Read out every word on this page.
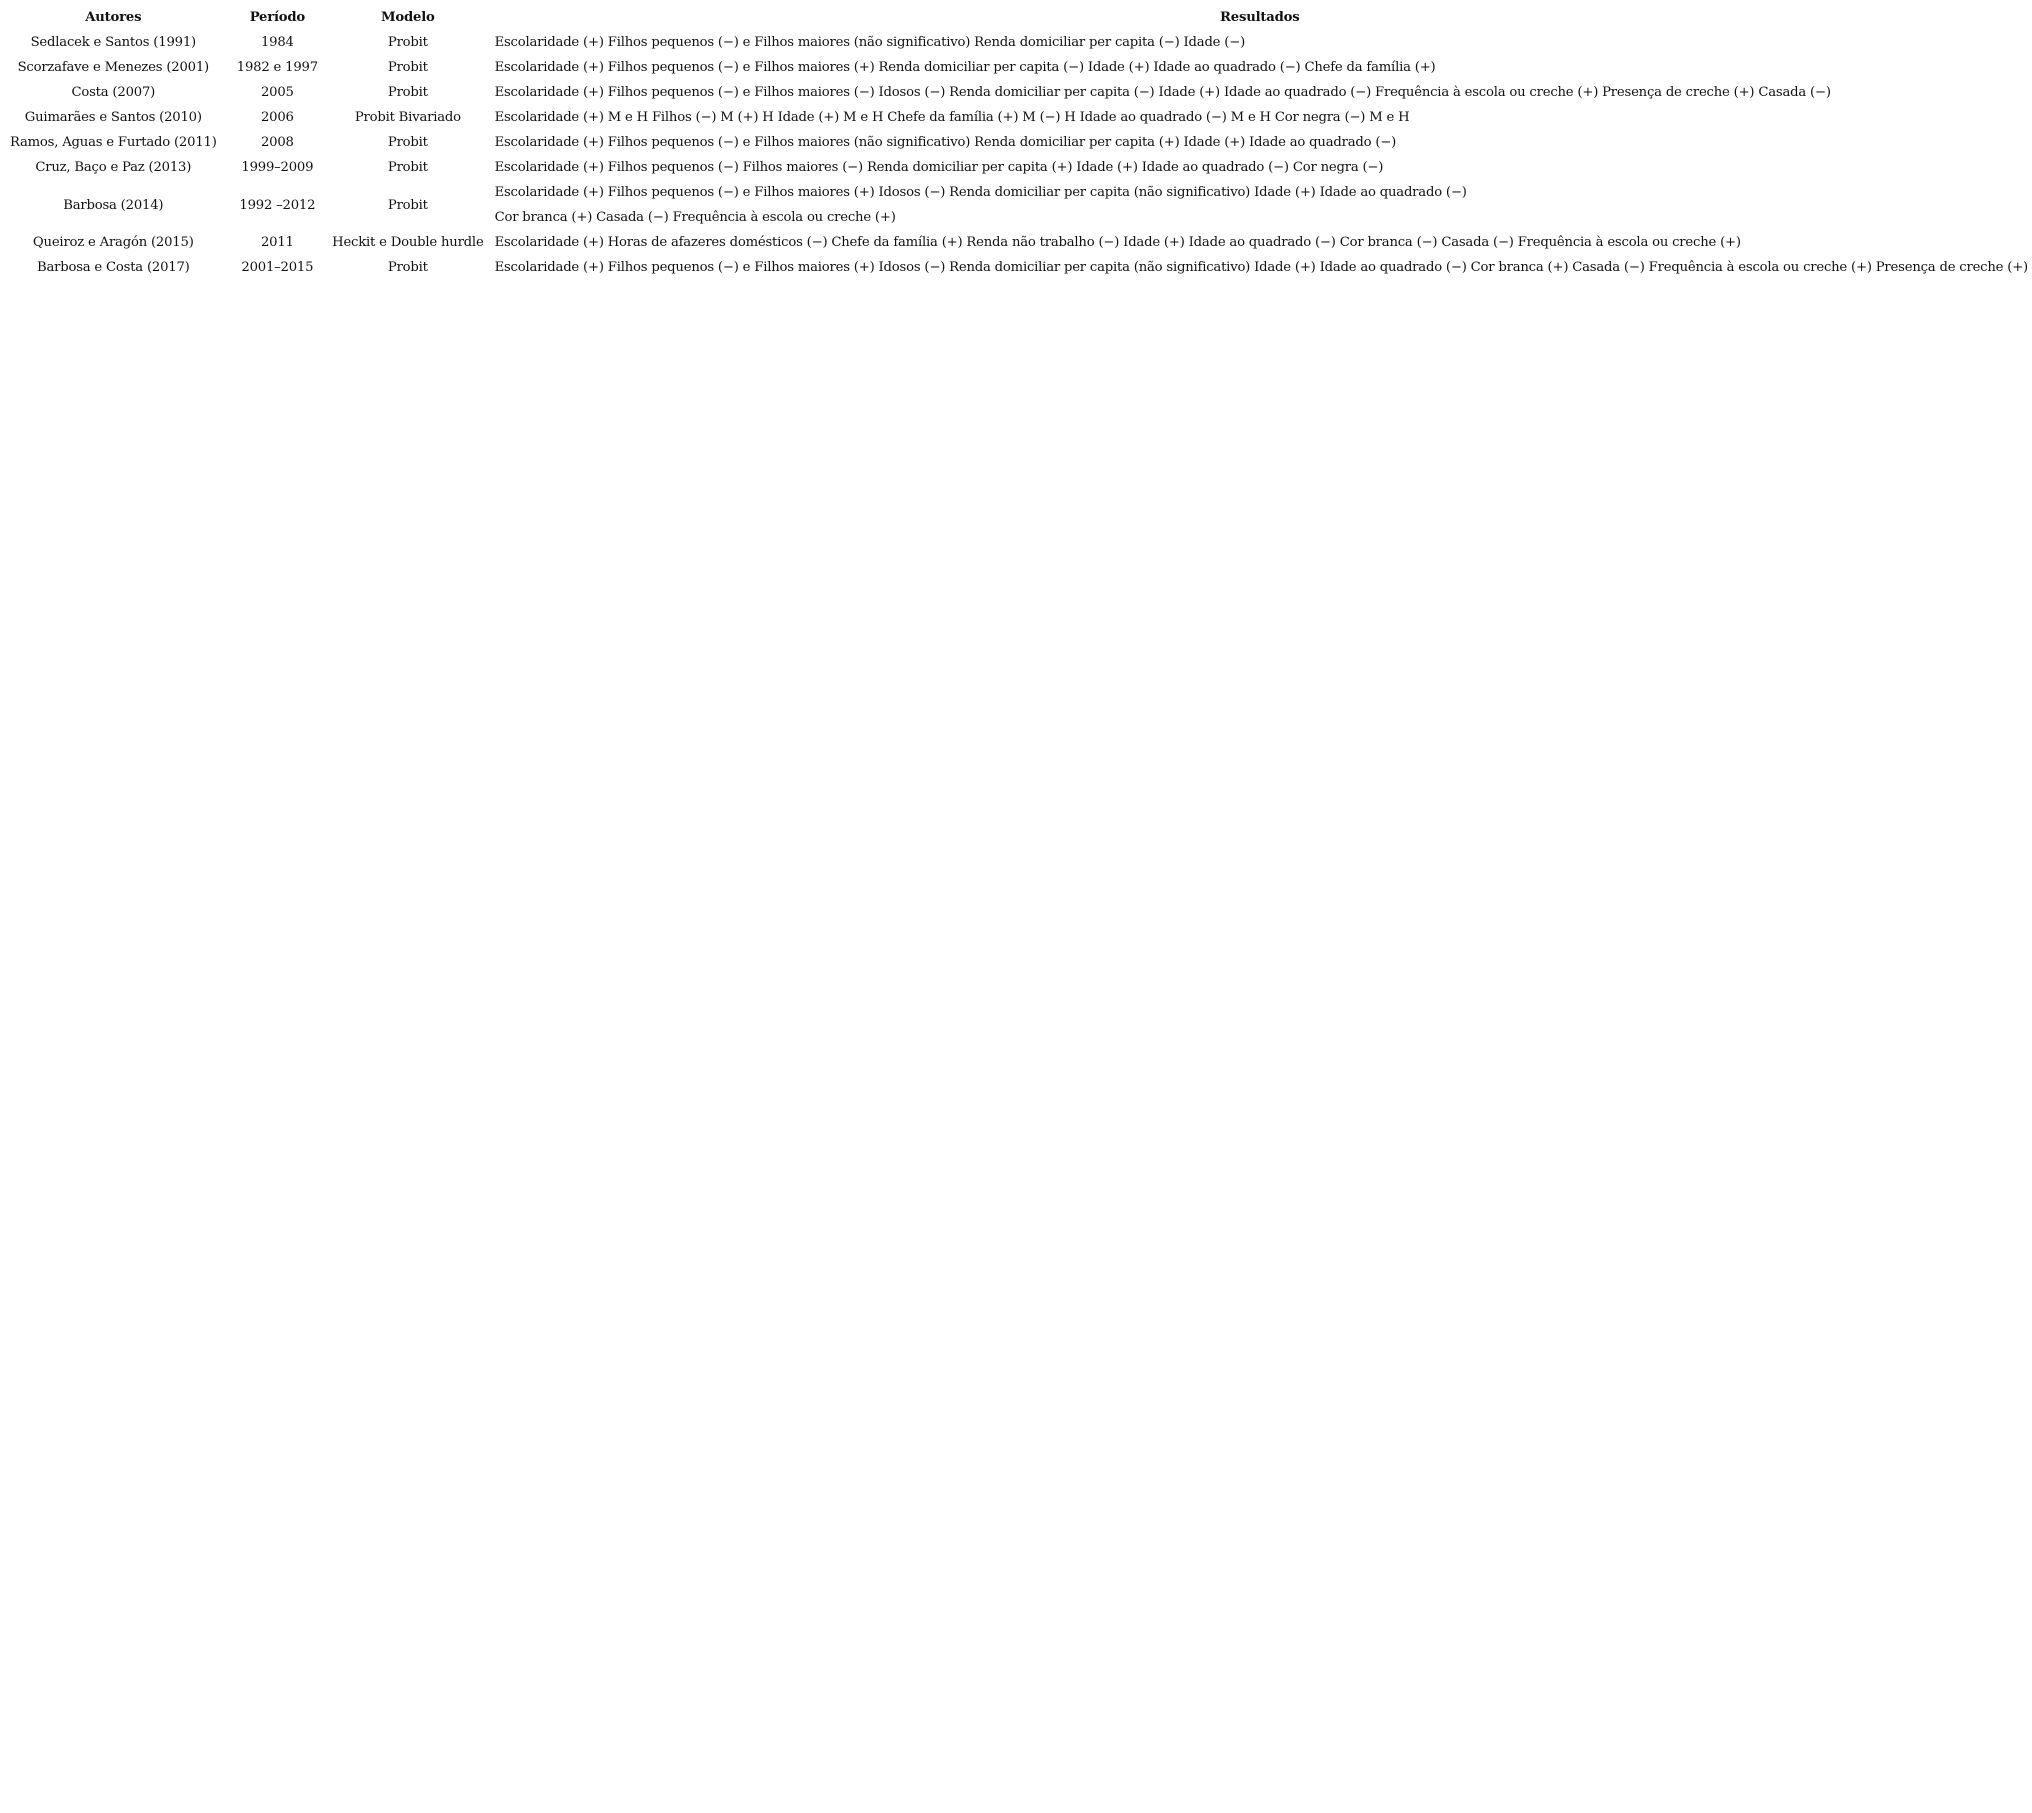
Autores	Período	Modelo	Resultados
Sedlacek e Santos (1991)	1984	Probit	Escolaridade (+) Filhos pequenos (−) e Filhos maiores (não significativo) Renda domiciliar per capita (−) Idade (−)

Scorzafave e Menezes (2001)	1982 e 1997	Probit	Escolaridade (+) Filhos pequenos (−) e Filhos maiores (+) Renda domiciliar per capita (−) Idade (+) Idade ao quadrado (−) Chefe da família (+)

Costa (2007)	2005	Probit	Escolaridade (+) Filhos pequenos (−) e Filhos maiores (−) Idosos (−) Renda domiciliar per capita (−) Idade (+) Idade ao quadrado (−) Frequência à escola ou creche (+) Presença de creche (+) Casada (−)

Guimarães e Santos (2010)	2006	Probit Bivariado	Escolaridade (+) M e H Filhos (−) M (+) H Idade (+) M e H Chefe da família (+) M (−) H Idade ao quadrado (−) M e H Cor negra (−) M e H

Ramos, Aguas e Furtado (2011)	2008	Probit	Escolaridade (+) Filhos pequenos (−) e Filhos maiores (não significativo) Renda domiciliar per capita (+) Idade (+) Idade ao quadrado (−)

Cruz, Baço e Paz (2013)	1999–2009	Probit	Escolaridade (+) Filhos pequenos (−) Filhos maiores (−) Renda domiciliar per capita (+) Idade (+) Idade ao quadrado (−) Cor negra (−)

Barbosa (2014)	1992 –2012	Probit	Escolaridade (+) Filhos pequenos (−) e Filhos maiores (+) Idosos (−) Renda domiciliar per capita (não significativo) Idade (+) Idade ao quadrado (−)
Cor branca (+) Casada (−) Frequência à escola ou creche (+)

Queiroz e Aragón (2015)	2011	Heckit e Double hurdle	Escolaridade (+) Horas de afazeres domésticos (−) Chefe da família (+) Renda não trabalho (−) Idade (+) Idade ao quadrado (−) Cor branca (−) Casada (−) Frequência à escola ou creche (+)

Barbosa e Costa (2017)	2001–2015	Probit	Escolaridade (+) Filhos pequenos (−) e Filhos maiores (+) Idosos (−) Renda domiciliar per capita (não significativo) Idade (+) Idade ao quadrado (−) Cor branca (+) Casada (−) Frequência à escola ou creche (+) Presença de creche (+)
